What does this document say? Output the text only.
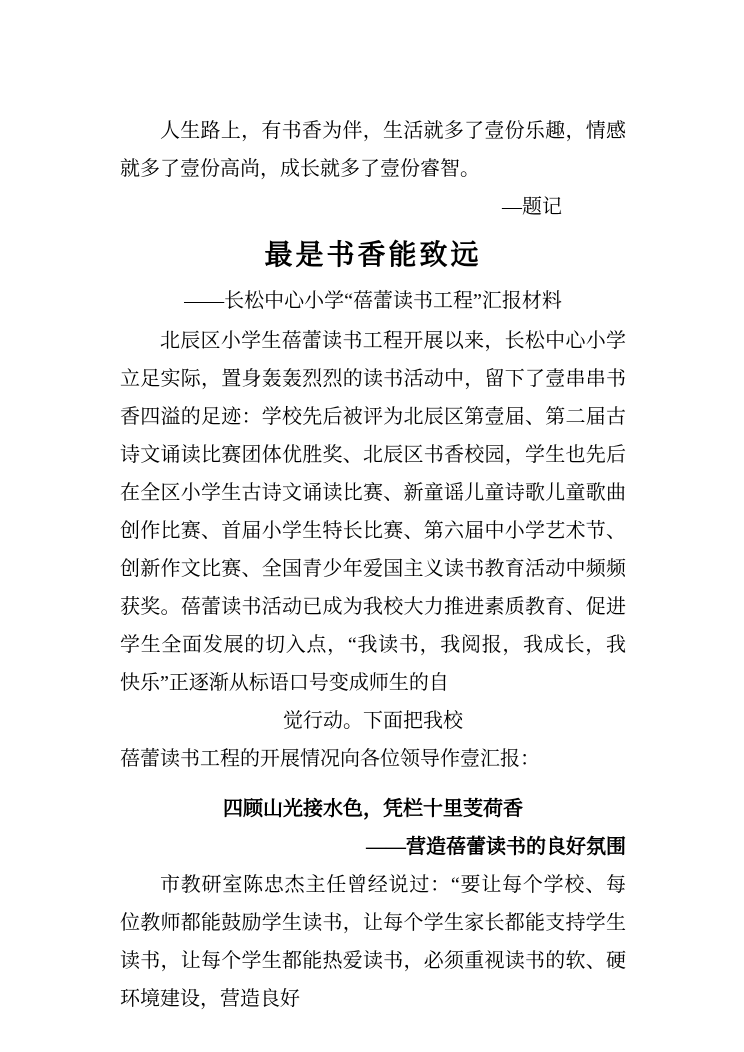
人生路上，有书香为伴，生活就多了壹份乐趣，情感就多了壹份高尚，成长就多了壹份睿智。

—题记

最是书香能致远

——长松中心小学“蓓蕾读书工程”汇报材料

北辰区小学生蓓蕾读书工程开展以来，长松中心小学立足实际，置身轰轰烈烈的读书活动中，留下了壹串串书香四溢的足迹：学校先后被评为北辰区第壹届、第二届古诗文诵读比赛团体优胜奖、北辰区书香校园，学生也先后在全区小学生古诗文诵读比赛、新童谣儿童诗歌儿童歌曲创作比赛、首届小学生特长比赛、第六届中小学艺术节、创新作文比赛、全国青少年爱国主义读书教育活动中频频获奖。蓓蕾读书活动已成为我校大力推进素质教育、促进学生全面发展的切入点，“我读书，我阅报，我成长，我快乐”正逐渐从标语口号变成师生的自

觉行动。下面把我校

蓓蕾读书工程的开展情况向各位领导作壹汇报：

四顾山光接水色，凭栏十里芰荷香
——营造蓓蕾读书的良好氛围

市教研室陈忠杰主任曾经说过：“要让每个学校、每位教师都能鼓励学生读书，让每个学生家长都能支持学生读书，让每个学生都能热爱读书，必须重视读书的软、硬环境建设，营造良好
